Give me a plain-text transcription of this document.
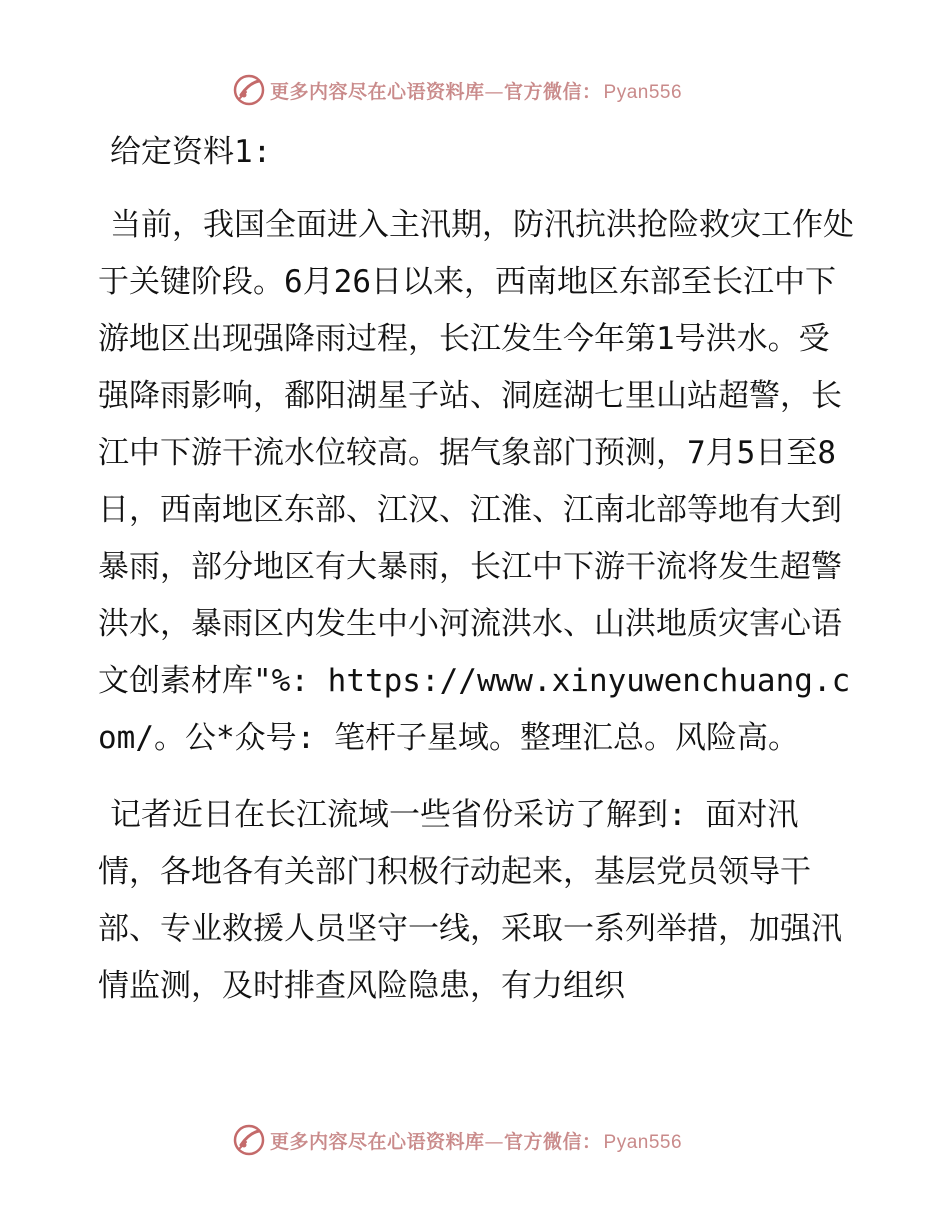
更多内容尽在心语资料库—官方微信： Pyan556

给定资料1:

当前，我国全面进入主汛期，防汛抗洪抢险救灾工作处于关键阶段。6月26日以来，西南地区东部至长江中下游地区出现强降雨过程，长江发生今年第1号洪水。受强降雨影响，鄱阳湖星子站、洞庭湖七里山站超警，长江中下游干流水位较高。据气象部门预测，7月5日至8日，西南地区东部、江汉、江淮、江南北部等地有大到暴雨，部分地区有大暴雨，长江中下游干流将发生超警洪水，暴雨区内发生中小河流洪水、山洪地质灾害心语文创素材库"%: https://www.xinyuwenchuang.com/。公*众号: 笔杆子星域。整理汇总。风险高。

记者近日在长江流域一些省份采访了解到: 面对汛情，各地各有关部门积极行动起来，基层党员领导干部、专业救援人员坚守一线，采取一系列举措，加强汛情监测，及时排查风险隐患，有力组织

更多内容尽在心语资料库—官方微信： Pyan556
